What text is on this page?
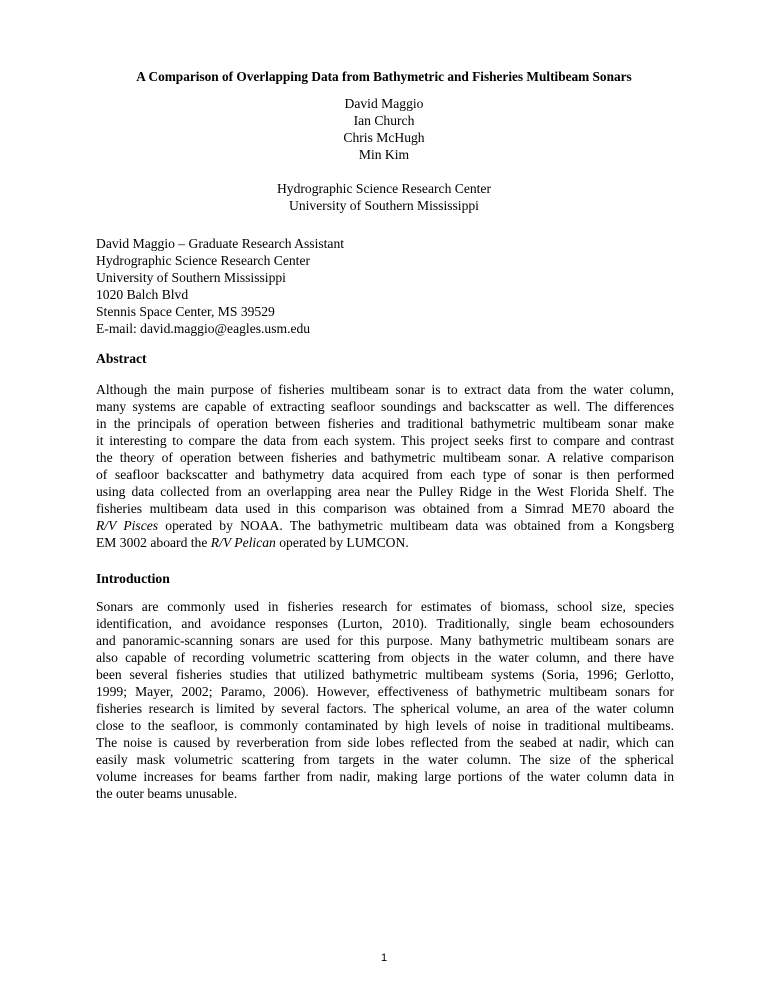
A Comparison of Overlapping Data from Bathymetric and Fisheries Multibeam Sonars
David Maggio
Ian Church
Chris McHugh
Min Kim
Hydrographic Science Research Center
University of Southern Mississippi
David Maggio – Graduate Research Assistant
Hydrographic Science Research Center
University of Southern Mississippi
1020 Balch Blvd
Stennis Space Center, MS 39529
E-mail: david.maggio@eagles.usm.edu
Abstract
Although the main purpose of fisheries multibeam sonar is to extract data from the water column,
many systems are capable of extracting seafloor soundings and backscatter as well. The differences
in the principals of operation between fisheries and traditional bathymetric multibeam sonar make
it interesting to compare the data from each system. This project seeks first to compare and contrast
the theory of operation between fisheries and bathymetric multibeam sonar. A relative comparison
of seafloor backscatter and bathymetry data acquired from each type of sonar is then performed
using data collected from an overlapping area near the Pulley Ridge in the West Florida Shelf. The
fisheries multibeam data used in this comparison was obtained from a Simrad ME70 aboard the
R/V Pisces operated by NOAA. The bathymetric multibeam data was obtained from a Kongsberg
EM 3002 aboard the R/V Pelican operated by LUMCON.
Introduction
Sonars are commonly used in fisheries research for estimates of biomass, school size, species
identification, and avoidance responses (Lurton, 2010). Traditionally, single beam echosounders
and panoramic-scanning sonars are used for this purpose. Many bathymetric multibeam sonars are
also capable of recording volumetric scattering from objects in the water column, and there have
been several fisheries studies that utilized bathymetric multibeam systems (Soria, 1996; Gerlotto,
1999; Mayer, 2002; Paramo, 2006). However, effectiveness of bathymetric multibeam sonars for
fisheries research is limited by several factors. The spherical volume, an area of the water column
close to the seafloor, is commonly contaminated by high levels of noise in traditional multibeams.
The noise is caused by reverberation from side lobes reflected from the seabed at nadir, which can
easily mask volumetric scattering from targets in the water column. The size of the spherical
volume increases for beams farther from nadir, making large portions of the water column data in
the outer beams unusable.
1
